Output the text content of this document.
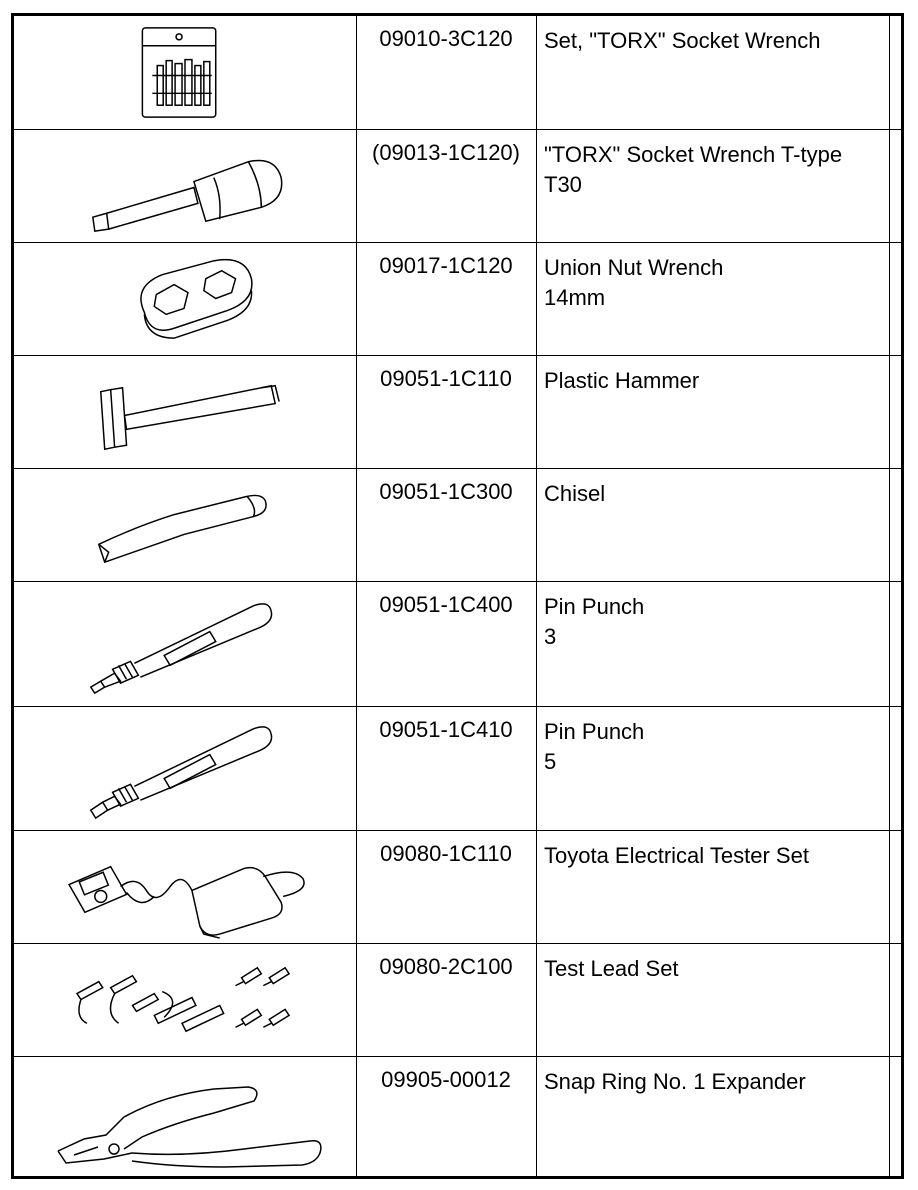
09010-3C120	Set, "TORX" Socket Wrench
(09013-1C120)	"TORX" Socket Wrench T-type
T30
09017-1C120	Union Nut Wrench
14mm
09051-1C110	Plastic Hammer
09051-1C300	Chisel
09051-1C400	Pin Punch
3
09051-1C410	Pin Punch
5
09080-1C110	Toyota Electrical Tester Set
09080-2C100	Test Lead Set
09905-00012	Snap Ring No. 1 Expander
